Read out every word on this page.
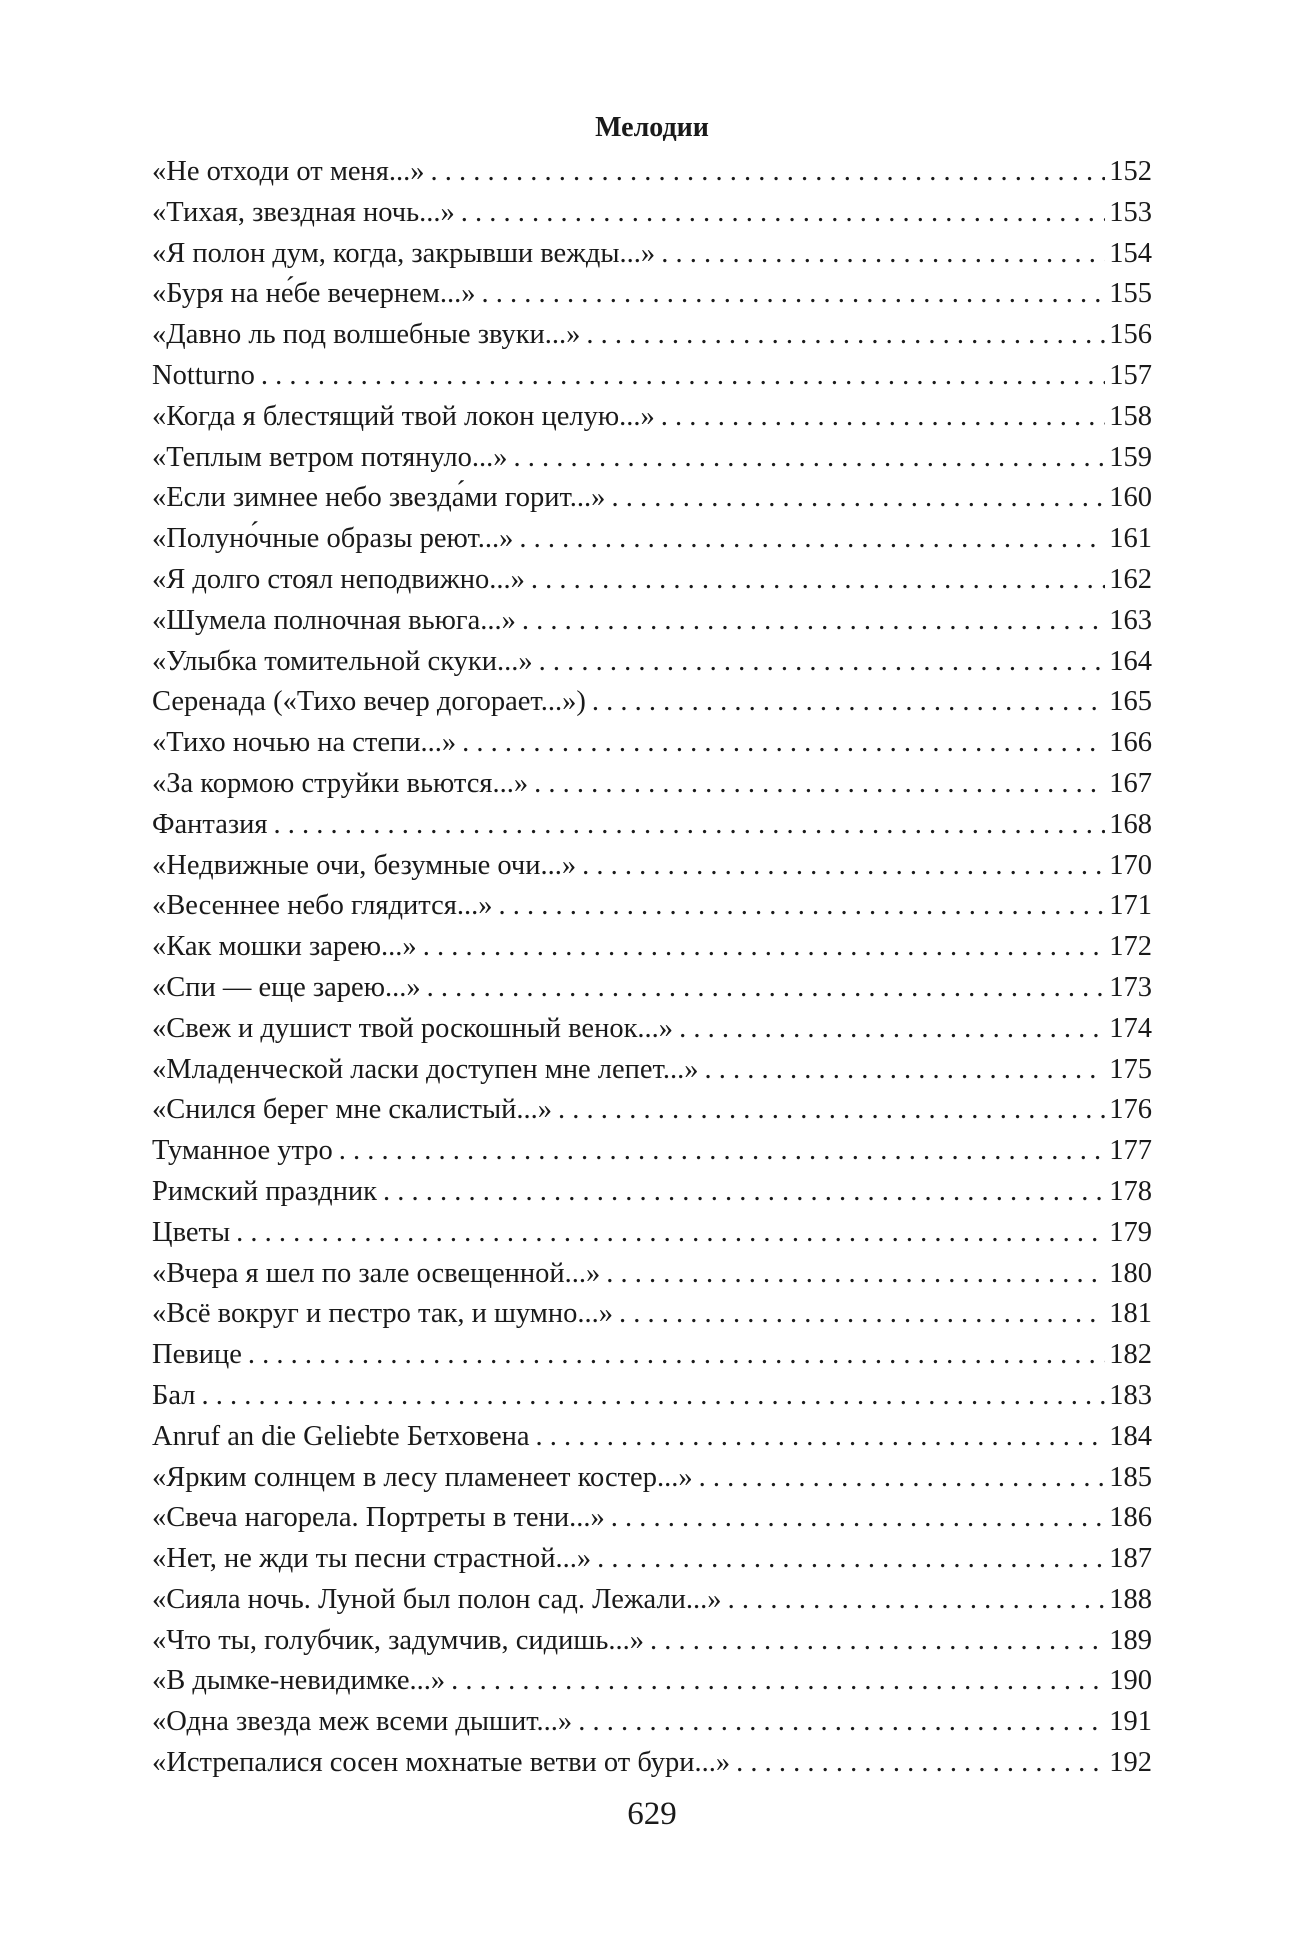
Мелодии
«Не отходи от меня...» . . .	152
«Тихая, звездная ночь...» . . .	153
«Я полон дум, когда, закрывши вежды...» . . .	154
«Буря на не́бе вечернем...» . . .	155
«Давно ль под волшебные звуки...» . . .	156
Notturno . . .	157
«Когда я блестящий твой локон целую...» . . .	158
«Теплым ветром потянуло...» . . .	159
«Если зимнее небо звезда́ми горит...» . . .	160
«Полуно́чные образы реют...» . . .	161
«Я долго стоял неподвижно...» . . .	162
«Шумела полночная вьюга...» . . .	163
«Улыбка томительной скуки...» . . .	164
Серенада («Тихо вечер догорает...») . . .	165
«Тихо ночью на степи...» . . .	166
«За кормою струйки вьются...» . . .	167
Фантазия . . .	168
«Недвижные очи, безумные очи...» . . .	170
«Весеннее небо глядится...» . . .	171
«Как мошки зарею...» . . .	172
«Спи — еще зарею...» . . .	173
«Свеж и душист твой роскошный венок...» . . .	174
«Младенческой ласки доступен мне лепет...» . . .	175
«Снился берег мне скалистый...» . . .	176
Туманное утро . . .	177
Римский праздник . . .	178
Цветы . . .	179
«Вчера я шел по зале освещенной...» . . .	180
«Всё вокруг и пестро так, и шумно...» . . .	181
Певице . . .	182
Бал . . .	183
Anruf an die Geliebte Бетховена . . .	184
«Ярким солнцем в лесу пламенеет костер...» . . .	185
«Свеча нагорела. Портреты в тени...» . . .	186
«Нет, не жди ты песни страстной...» . . .	187
«Сияла ночь. Луной был полон сад. Лежали...» . . .	188
«Что ты, голубчик, задумчив, сидишь...» . . .	189
«В дымке-невидимке...» . . .	190
«Одна звезда меж всеми дышит...» . . .	191
«Истрепалися сосен мохнатые ветви от бури...» . . .	192
629
